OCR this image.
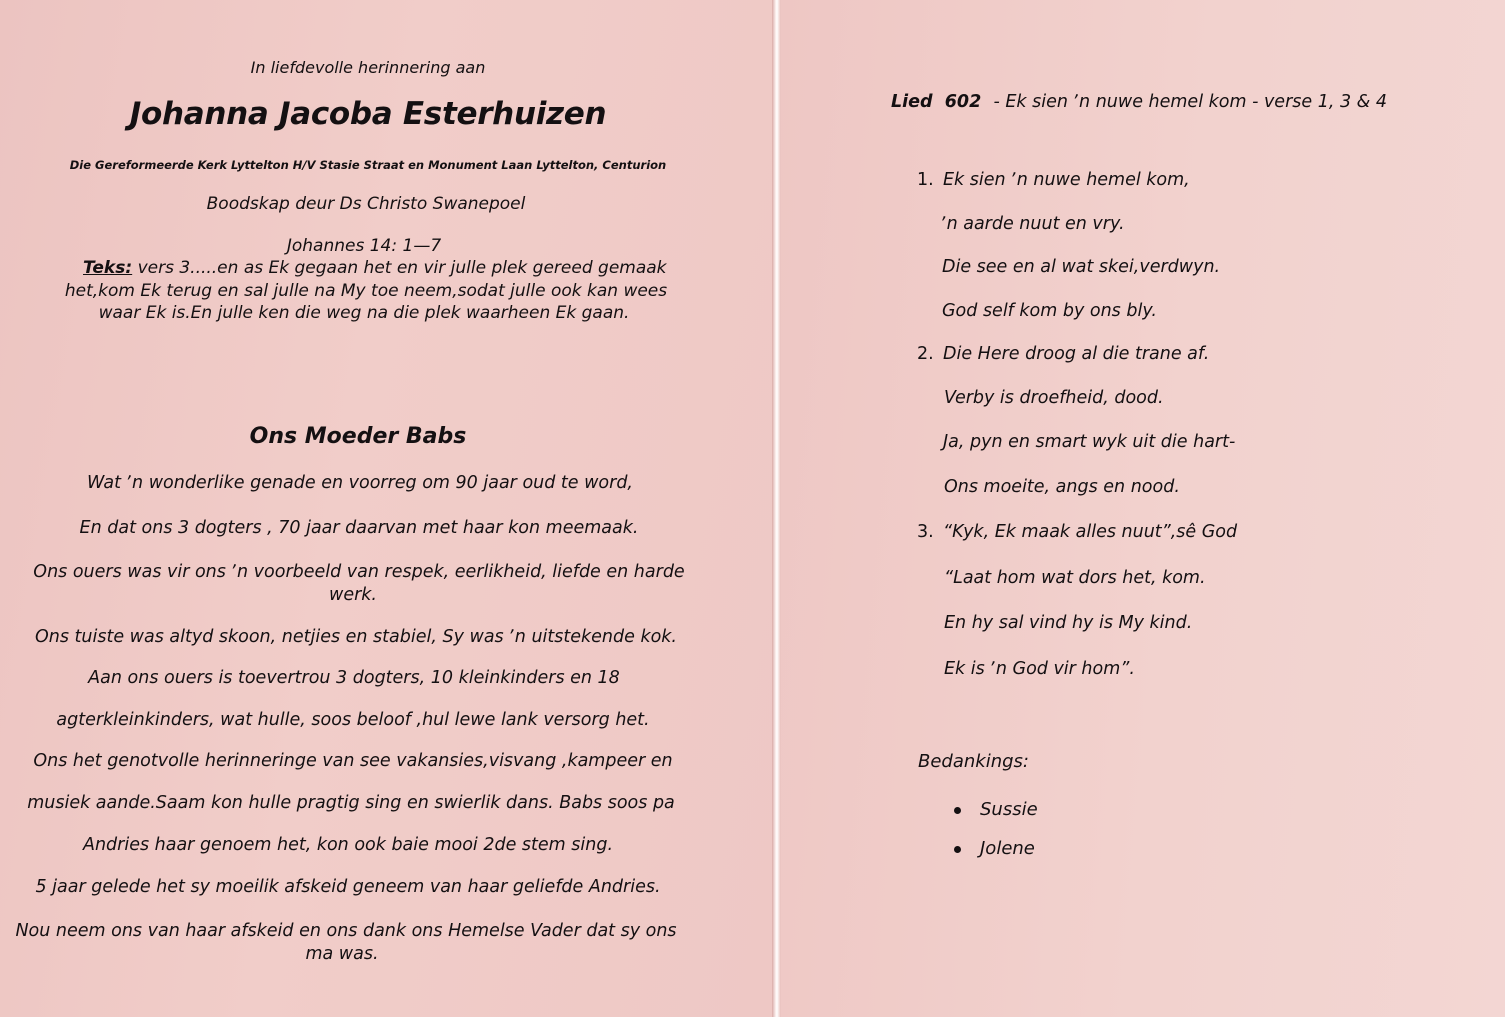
In liefdevolle herinnering aan
Johanna Jacoba Esterhuizen
Die Gereformeerde Kerk Lyttelton H/V Stasie Straat en Monument Laan Lyttelton, Centurion
Boodskap deur Ds Christo Swanepoel
Johannes 14: 1—7
Teks: vers 3.....en as Ek gegaan het en vir julle plek gereed gemaak
het,kom Ek terug en sal julle na My toe neem,sodat julle ook kan wees
waar Ek is.En julle ken die weg na die plek waarheen Ek gaan.
Ons Moeder Babs
Wat ʼn wonderlike genade en voorreg om 90 jaar oud te word,
En dat ons 3 dogters , 70 jaar daarvan met haar kon meemaak.
Ons ouers was vir ons ʼn voorbeeld van respek, eerlikheid, liefde en harde
werk.
Ons tuiste was altyd skoon, netjies en stabiel, Sy was ʼn uitstekende kok.
Aan ons ouers is toevertrou 3 dogters, 10 kleinkinders en 18
agterkleinkinders, wat hulle, soos beloof ,hul lewe lank versorg het.
Ons het genotvolle herinneringe van see vakansies,visvang ,kampeer en
musiek aande.Saam kon hulle pragtig sing en swierlik dans. Babs soos pa
Andries haar genoem het, kon ook baie mooi 2de stem sing.
5 jaar gelede het sy moeilik afskeid geneem van haar geliefde Andries.
Nou neem ons van haar afskeid en ons dank ons Hemelse Vader dat sy ons
ma was.
Lied 602 - Ek sien ʼn nuwe hemel kom - verse 1, 3 & 4
1. Ek sien ʼn nuwe hemel kom,
ʼn aarde nuut en vry.
Die see en al wat skei,verdwyn.
God self kom by ons bly.
2. Die Here droog al die trane af.
Verby is droefheid, dood.
Ja, pyn en smart wyk uit die hart-
Ons moeite, angs en nood.
3. “Kyk, Ek maak alles nuut”,sê God
“Laat hom wat dors het, kom.
En hy sal vind hy is My kind.
Ek is ʼn God vir hom”.
Bedankings:
Sussie
Jolene
